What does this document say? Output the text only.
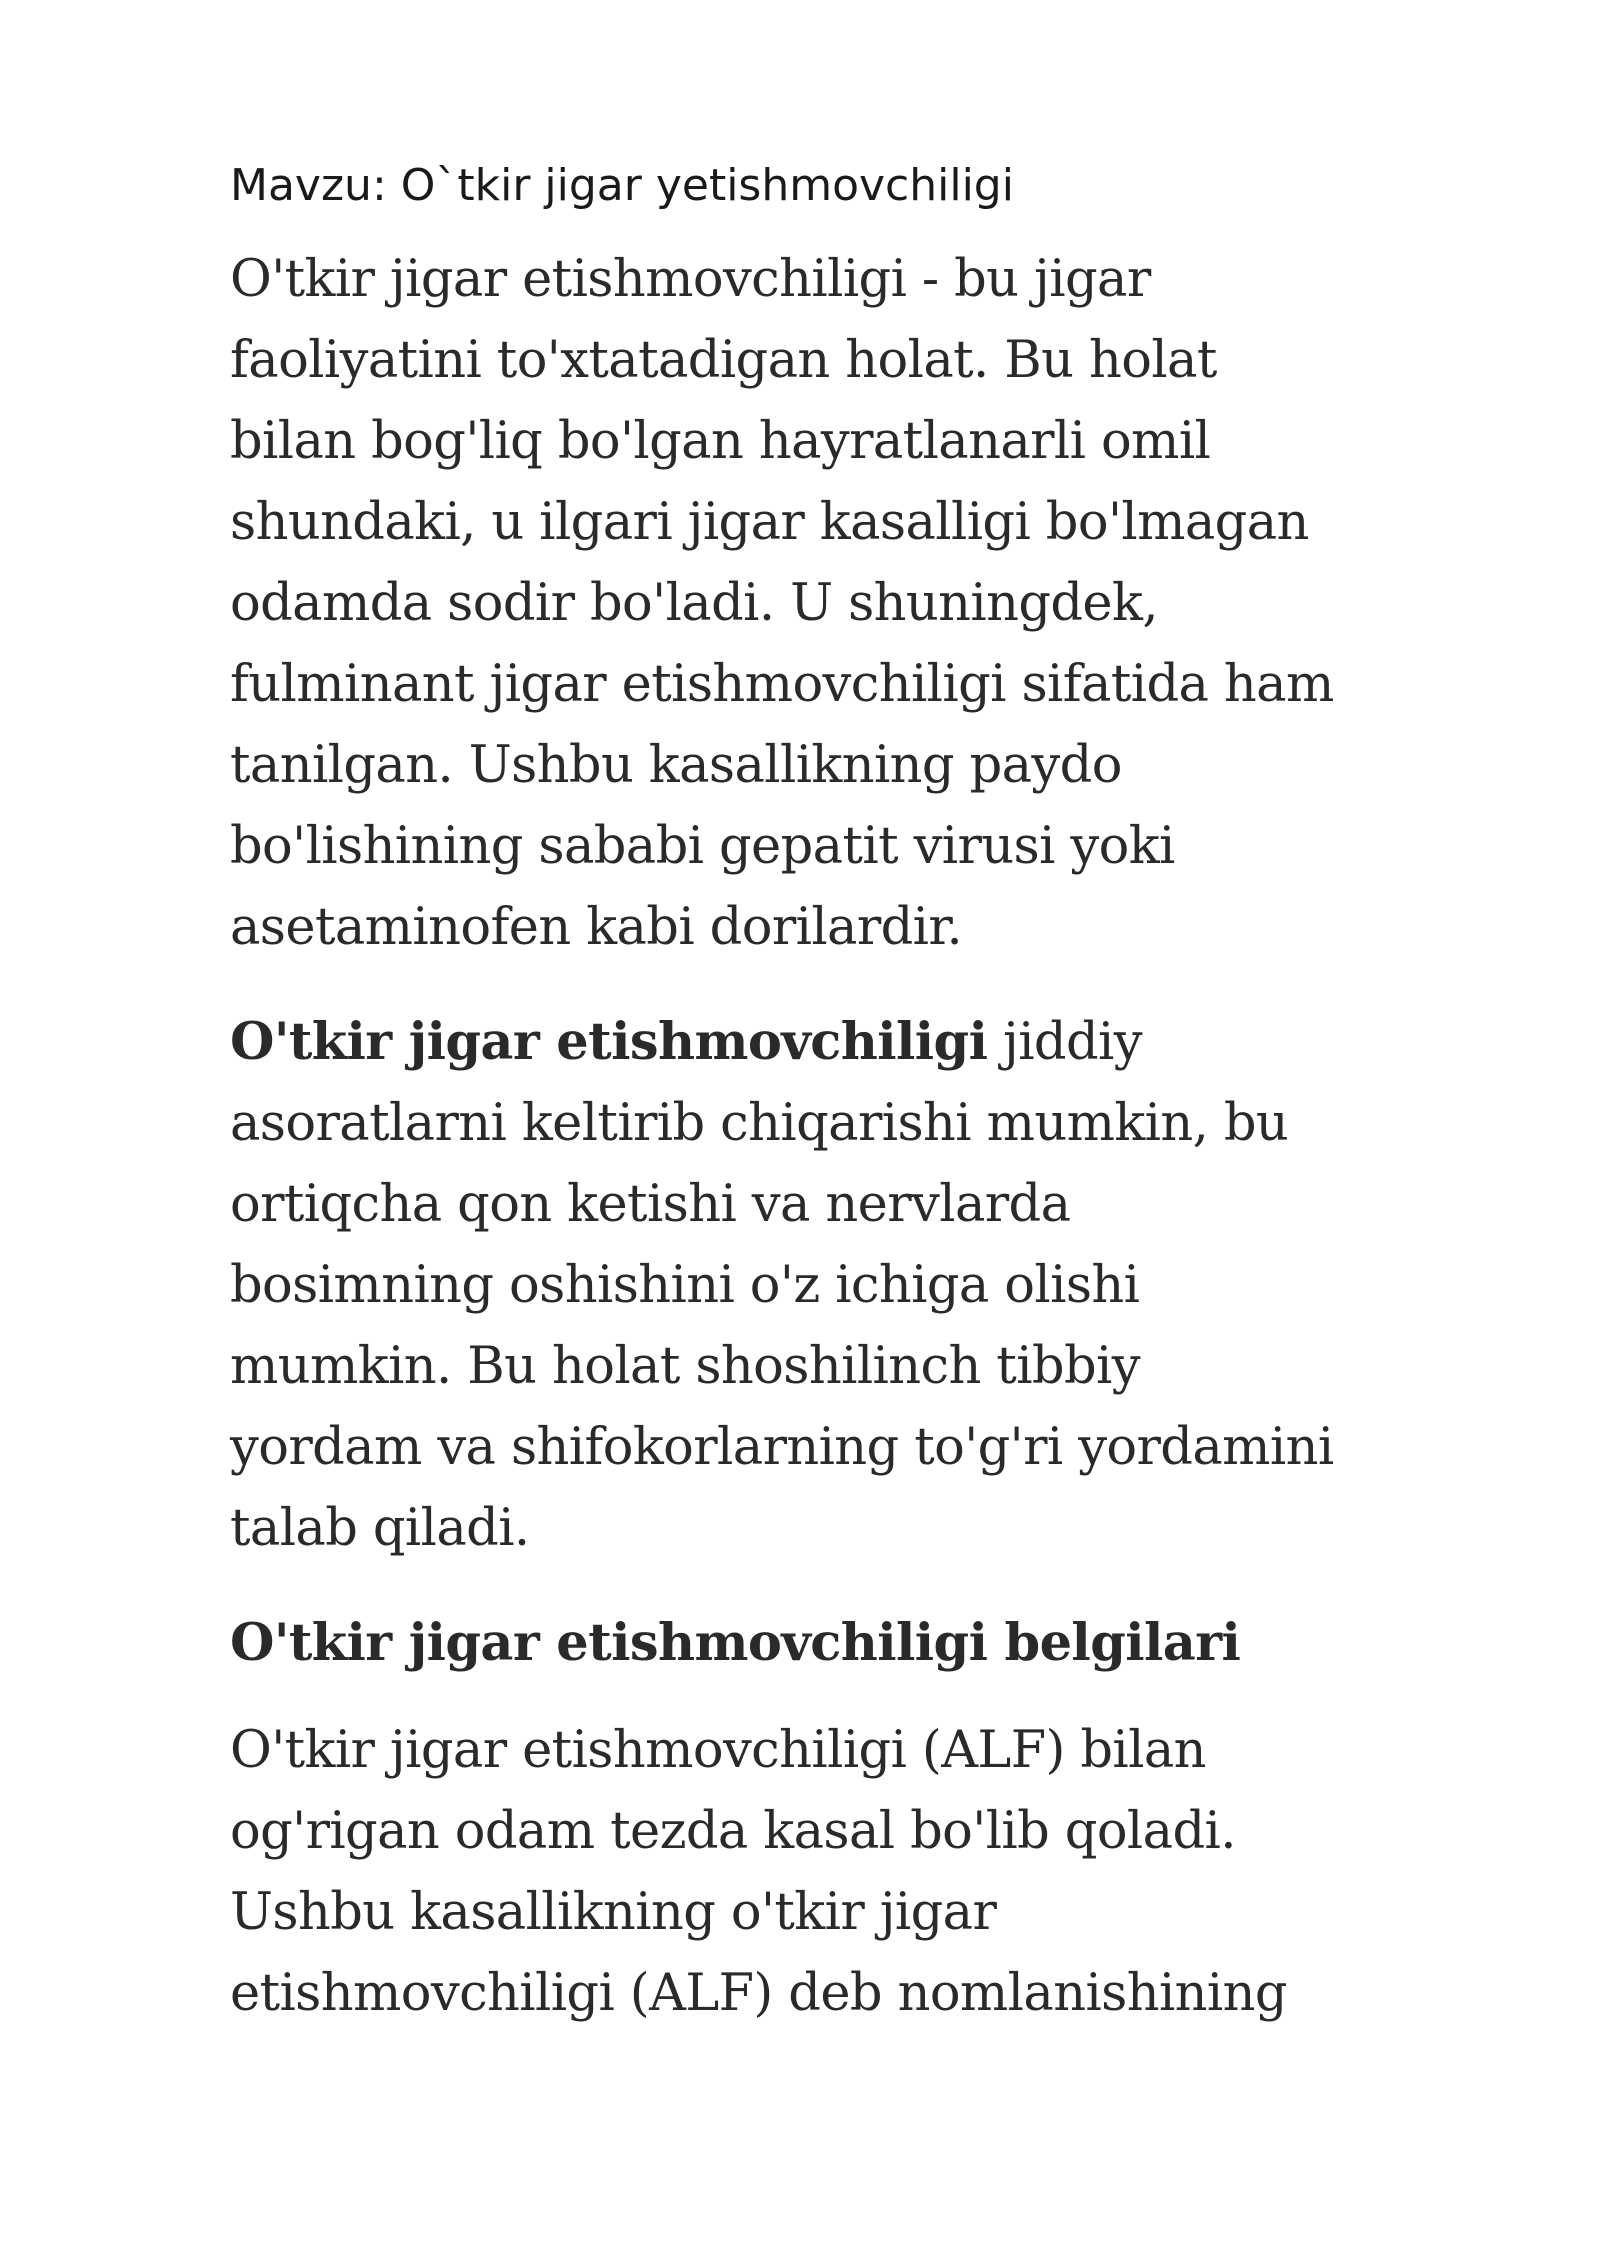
Mavzu: O`tkir jigar yetishmovchiligi
O'tkir jigar etishmovchiligi - bu jigar
faoliyatini to'xtatadigan holat. Bu holat
bilan bog'liq bo'lgan hayratlanarli omil
shundaki, u ilgari jigar kasalligi bo'lmagan
odamda sodir bo'ladi. U shuningdek,
fulminant jigar etishmovchiligi sifatida ham
tanilgan. Ushbu kasallikning paydo
bo'lishining sababi gepatit virusi yoki
asetaminofen kabi dorilardir.
O'tkir jigar etishmovchiligi jiddiy
asoratlarni keltirib chiqarishi mumkin, bu
ortiqcha qon ketishi va nervlarda
bosimning oshishini o'z ichiga olishi
mumkin. Bu holat shoshilinch tibbiy
yordam va shifokorlarning to'g'ri yordamini
talab qiladi.
O'tkir jigar etishmovchiligi belgilari
O'tkir jigar etishmovchiligi (ALF) bilan
og'rigan odam tezda kasal bo'lib qoladi.
Ushbu kasallikning o'tkir jigar
etishmovchiligi (ALF) deb nomlanishining
